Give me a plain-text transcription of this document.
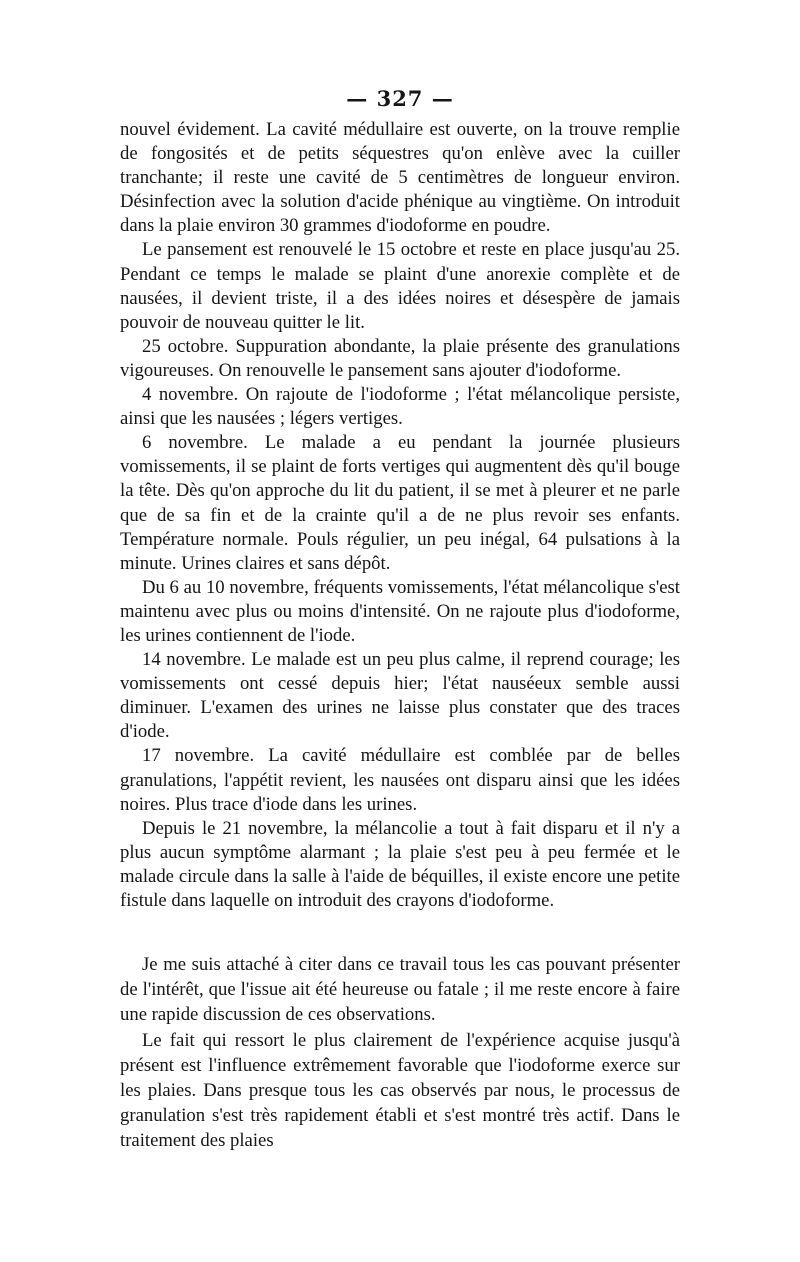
— 327 —

nouvel évidement. La cavité médullaire est ouverte, on la trouve remplie de fongosités et de petits séquestres qu'on enlève avec la cuiller tranchante; il reste une cavité de 5 centimètres de longueur environ. Désinfection avec la solution d'acide phénique au vingtième. On introduit dans la plaie environ 30 grammes d'iodoforme en poudre.

Le pansement est renouvelé le 15 octobre et reste en place jusqu'au 25. Pendant ce temps le malade se plaint d'une anorexie complète et de nausées, il devient triste, il a des idées noires et désespère de jamais pouvoir de nouveau quitter le lit.

25 octobre. Suppuration abondante, la plaie présente des granulations vigoureuses. On renouvelle le pansement sans ajouter d'iodoforme.

4 novembre. On rajoute de l'iodoforme ; l'état mélancolique persiste, ainsi que les nausées ; légers vertiges.

6 novembre. Le malade a eu pendant la journée plusieurs vomissements, il se plaint de forts vertiges qui augmentent dès qu'il bouge la tête. Dès qu'on approche du lit du patient, il se met à pleurer et ne parle que de sa fin et de la crainte qu'il a de ne plus revoir ses enfants. Température normale. Pouls régulier, un peu inégal, 64 pulsations à la minute. Urines claires et sans dépôt.

Du 6 au 10 novembre, fréquents vomissements, l'état mélancolique s'est maintenu avec plus ou moins d'intensité. On ne rajoute plus d'iodoforme, les urines contiennent de l'iode.

14 novembre. Le malade est un peu plus calme, il reprend courage; les vomissements ont cessé depuis hier; l'état nauséeux semble aussi diminuer. L'examen des urines ne laisse plus constater que des traces d'iode.

17 novembre. La cavité médullaire est comblée par de belles granulations, l'appétit revient, les nausées ont disparu ainsi que les idées noires. Plus trace d'iode dans les urines.

Depuis le 21 novembre, la mélancolie a tout à fait disparu et il n'y a plus aucun symptôme alarmant ; la plaie s'est peu à peu fermée et le malade circule dans la salle à l'aide de béquilles, il existe encore une petite fistule dans laquelle on introduit des crayons d'iodoforme.

Je me suis attaché à citer dans ce travail tous les cas pouvant présenter de l'intérêt, que l'issue ait été heureuse ou fatale ; il me reste encore à faire une rapide discussion de ces observations.

Le fait qui ressort le plus clairement de l'expérience acquise jusqu'à présent est l'influence extrêmement favorable que l'iodoforme exerce sur les plaies. Dans presque tous les cas observés par nous, le processus de granulation s'est très rapidement établi et s'est montré très actif. Dans le traitement des plaies
